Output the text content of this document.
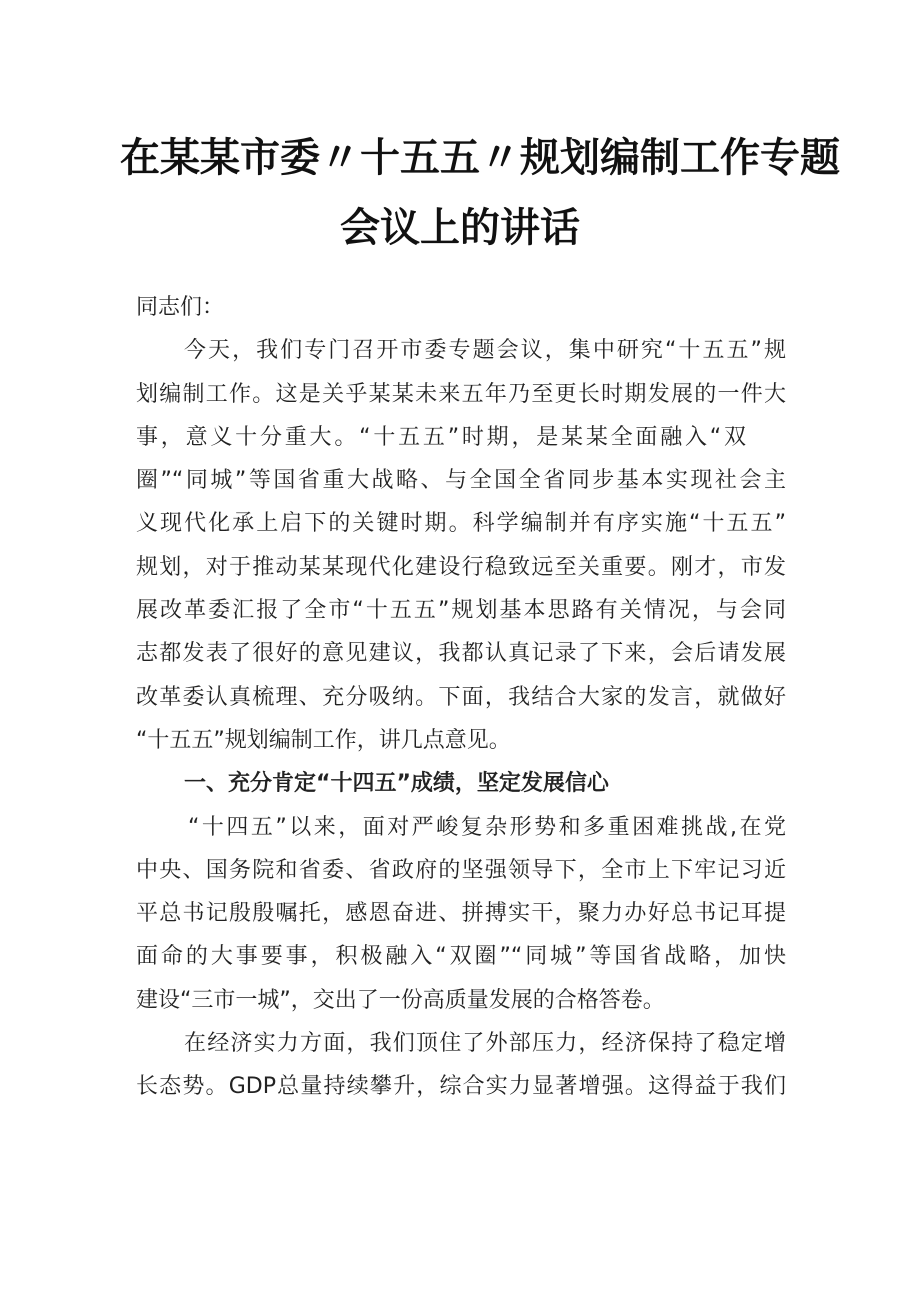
在某某市委〃十五五〃规划编制工作专题
会议上的讲话
同志们：
今天，我们专门召开市委专题会议，集中研究“十五五”规
划编制工作。这是关乎某某未来五年乃至更长时期发展的一件大
事，意义十分重大。“十五五”时期，是某某全面融入“双
圈”“同城”等国省重大战略、与全国全省同步基本实现社会主
义现代化承上启下的关键时期。科学编制并有序实施“十五五”
规划，对于推动某某现代化建设行稳致远至关重要。刚才，市发
展改革委汇报了全市“十五五”规划基本思路有关情况，与会同
志都发表了很好的意见建议，我都认真记录了下来，会后请发展
改革委认真梳理、充分吸纳。下面，我结合大家的发言，就做好
“十五五”规划编制工作，讲几点意见。
一、充分肯定“十四五”成绩，坚定发展信心
“十四五”以来，面对严峻复杂形势和多重困难挑战,在党
中央、国务院和省委、省政府的坚强领导下，全市上下牢记习近
平总书记殷殷嘱托，感恩奋进、拼搏实干，聚力办好总书记耳提
面命的大事要事，积极融入“双圈”“同城”等国省战略，加快
建设“三市一城”，交出了一份高质量发展的合格答卷。
在经济实力方面，我们顶住了外部压力，经济保持了稳定增
长态势。GDP总量持续攀升，综合实力显著增强。这得益于我们
